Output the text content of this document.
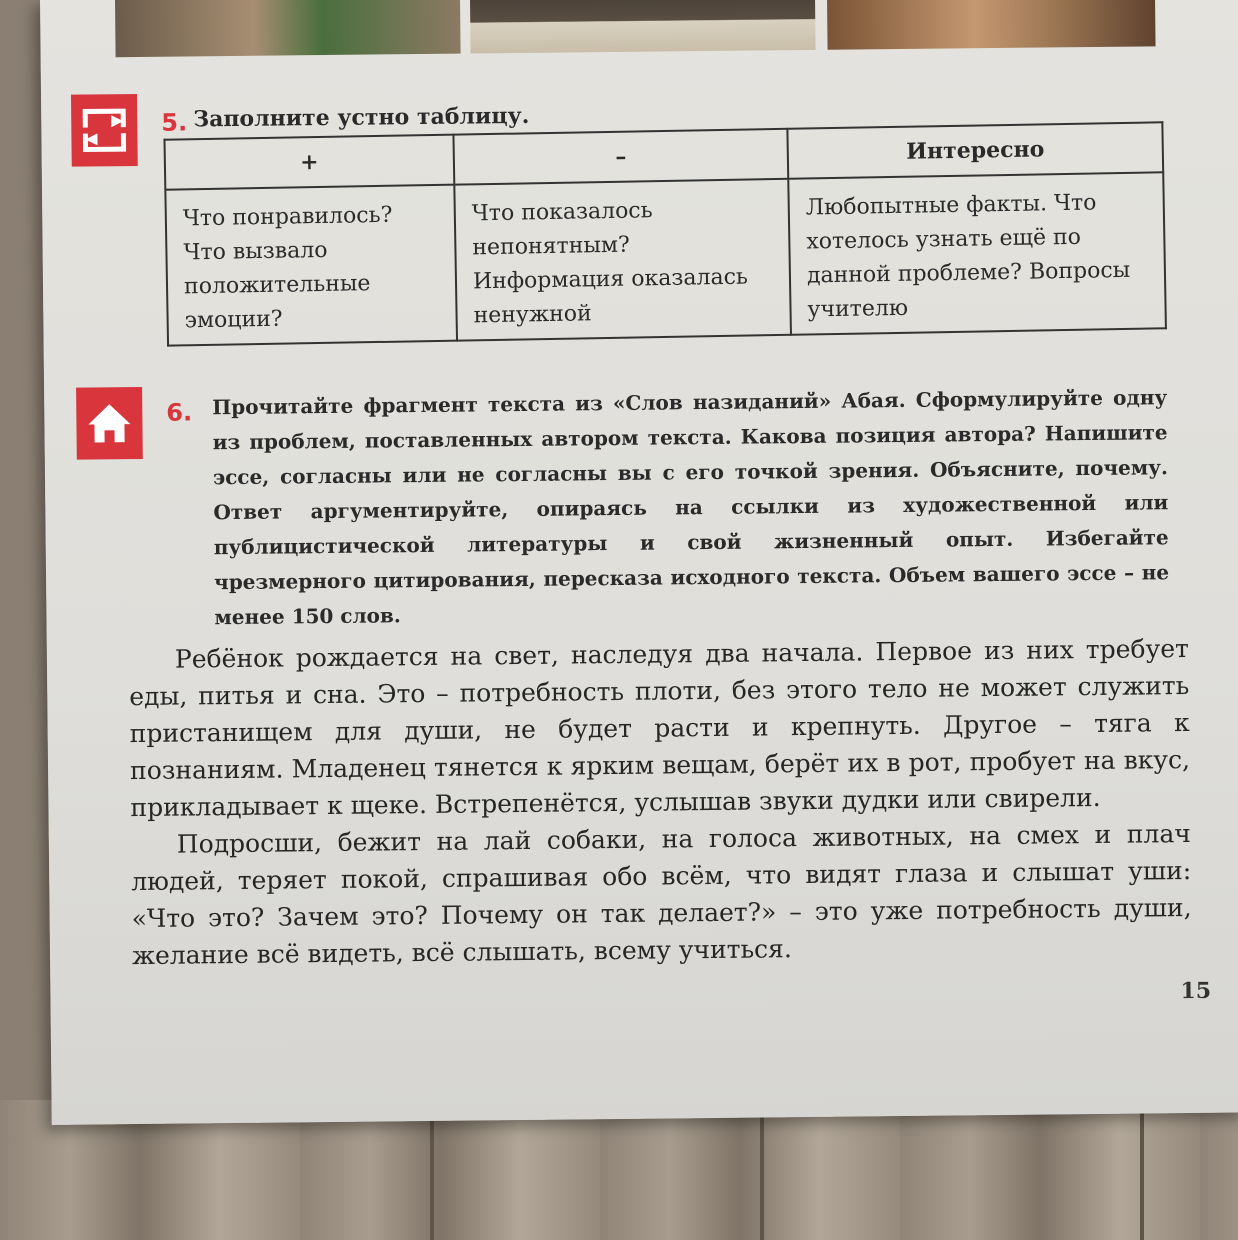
5. Заполните устно таблицу.
+	–	Интересно
Что понравилось? Что вызвало положительные эмоции?	Что показалось непонятным? Информация оказалась ненужной	Любопытные факты. Что хотелось узнать ещё по данной проблеме? Вопросы учителю
6. Прочитайте фрагмент текста из «Слов назиданий» Абая. Сформулируйте одну из проблем, поставленных автором текста. Какова позиция автора? Напишите эссе, согласны или не согласны вы с его точкой зрения. Объясните, почему. Ответ аргументируйте, опираясь на ссылки из художественной или публицистической литературы и свой жизненный опыт. Избегайте чрезмерного цитирования, пересказа исходного текста. Объем вашего эссе – не менее 150 слов.

Ребёнок рождается на свет, наследуя два начала. Первое из них требует еды, питья и сна. Это – потребность плоти, без этого тело не может служить пристанищем для души, не будет расти и крепнуть. Другое – тяга к познаниям. Младенец тянется к ярким вещам, берёт их в рот, пробует на вкус, прикладывает к щеке. Встрепенётся, услышав звуки дудки или свирели.

Подросши, бежит на лай собаки, на голоса животных, на смех и плач людей, теряет покой, спрашивая обо всём, что видят глаза и слышат уши: «Что это? Зачем это? Почему он так делает?» – это уже потребность души, желание всё видеть, всё слышать, всему учиться.

15
